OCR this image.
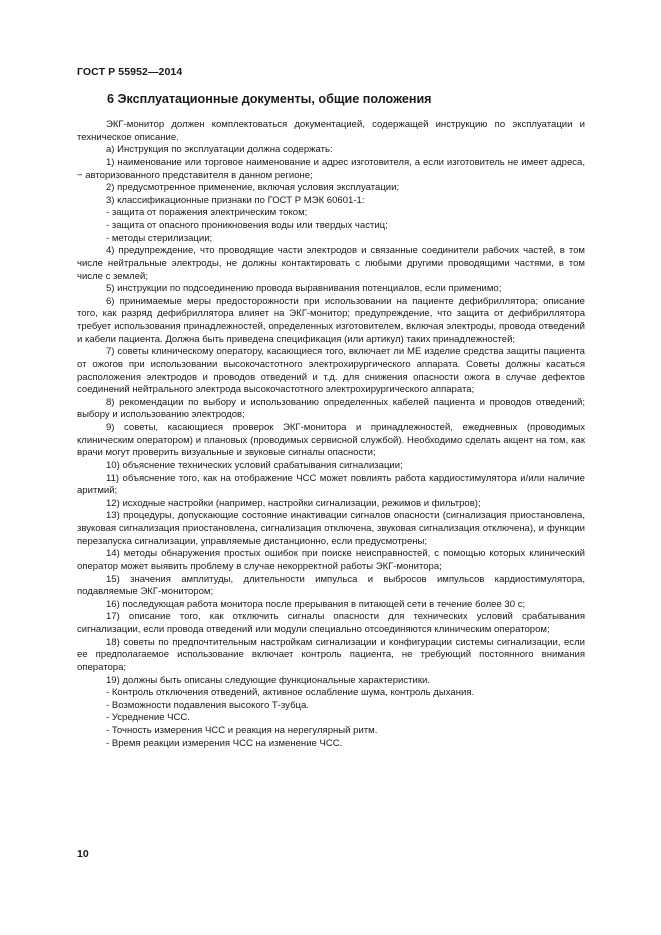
ГОСТ Р 55952—2014
6 Эксплуатационные документы, общие положения

ЭКГ-монитор должен комплектоваться документацией, содержащей инструкцию по эксплуатации и техническое описание.

а) Инструкция по эксплуатации должна содержать:

1) наименование или торговое наименование и адрес изготовителя, а если изготовитель не имеет адреса, − авторизованного представителя в данном регионе;

2) предусмотренное применение, включая условия эксплуатации;

3) классификационные признаки по ГОСТ Р МЭК 60601-1:

- защита от поражения электрическим током;

- защита от опасного проникновения воды или твердых частиц;

- методы стерилизации;

4) предупреждение, что проводящие части электродов и связанные соединители рабочих частей, в том числе нейтральные электроды, не должны контактировать с любыми другими проводящими частями, в том числе с землей;

5) инструкции по подсоединению провода выравнивания потенциалов, если применимо;

6) принимаемые меры предосторожности при использовании на пациенте дефибриллятора; описание того, как разряд дефибриллятора влияет на ЭКГ-монитор; предупреждение, что защита от дефибриллятора требует использования принадлежностей, определенных изготовителем, включая электроды, провода отведений и кабели пациента. Должна быть приведена спецификация (или артикул) таких принадлежностей;

7) советы клиническому оператору, касающиеся того, включает ли МЕ изделие средства защиты пациента от ожогов при использовании высокочастотного электрохирургического аппарата. Советы должны касаться расположения электродов и проводов отведений и т.д. для снижения опасности ожога в случае дефектов соединений нейтрального электрода высокочастотного электрохирургического аппарата;

8) рекомендации по выбору и использованию определенных кабелей пациента и проводов отведений; выбору и использованию электродов;

9) советы, касающиеся проверок ЭКГ-монитора и принадлежностей, ежедневных (проводимых клиническим оператором) и плановых (проводимых сервисной службой). Необходимо сделать акцент на том, как врачи могут проверить визуальные и звуковые сигналы опасности;

10) объяснение технических условий срабатывания сигнализации;

11) объяснение того, как на отображение ЧСС может повлиять работа кардиостимулятора и/или наличие аритмий;

12) исходные настройки (например, настройки сигнализации, режимов и фильтров);

13) процедуры, допускающие состояние инактивации сигналов опасности (сигнализация приостановлена, звуковая сигнализация приостановлена, сигнализация отключена, звуковая сигнализация отключена), и функции перезапуска сигнализации, управляемые дистанционно, если предусмотрены;

14) методы обнаружения простых ошибок при поиске неисправностей, с помощью которых клинический оператор может выявить проблему в случае некорректной работы ЭКГ-монитора;

15) значения амплитуды, длительности импульса и выбросов импульсов кардиостимулятора, подавляемые ЭКГ-монитором;

16) последующая работа монитора после прерывания в питающей сети в течение более 30 с;

17) описание того, как отключить сигналы опасности для технических условий срабатывания сигнализации, если провода отведений или модули специально отсоединяются клиническим оператором;

18) советы по предпочтительным настройкам сигнализации и конфигурации системы сигнализации, если ее предполагаемое использование включает контроль пациента, не требующий постоянного внимания оператора;

19) должны быть описаны следующие функциональные характеристики.

- Контроль отключения отведений, активное ослабление шума, контроль дыхания.

- Возможности подавления высокого Т-зубца.

- Усреднение ЧСС.

- Точность измерения ЧСС и реакция на нерегулярный ритм.

- Время реакции измерения ЧСС на изменение ЧСС.

10
